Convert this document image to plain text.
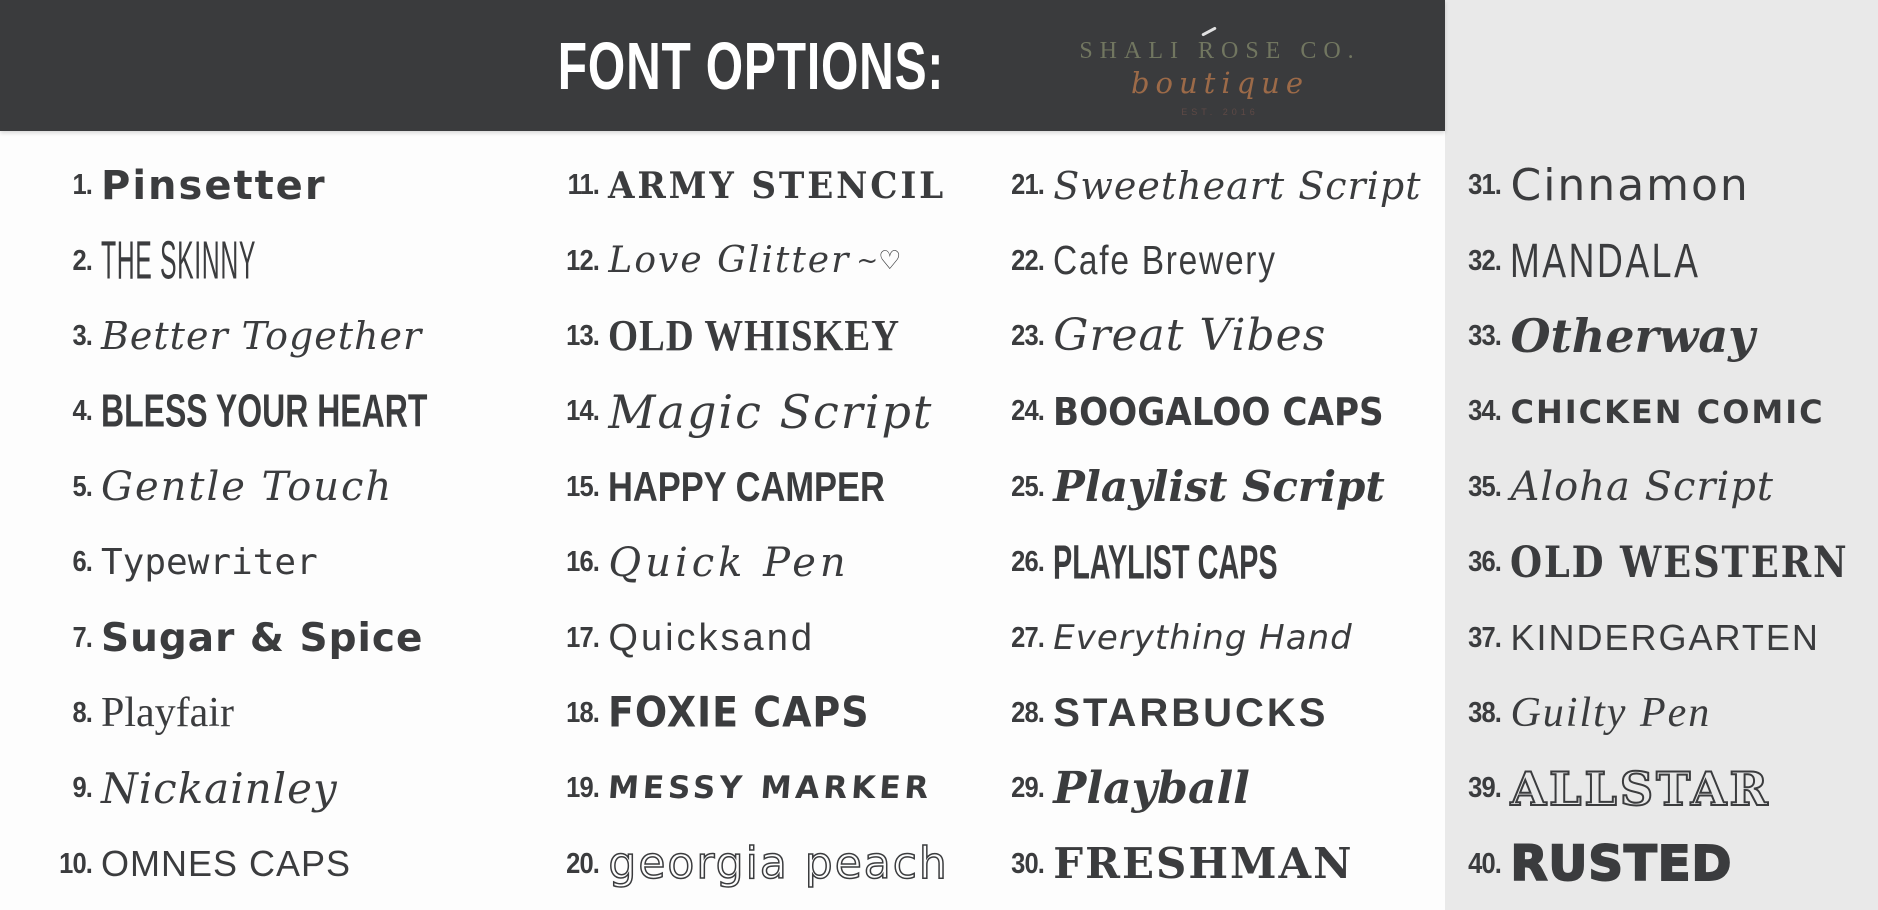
FONT OPTIONS:	SHALI ROSE CO.
boutique
EST. 2016
1. Pinsetter
2. THE SKINNY
3. Better Together
4. BLESS YOUR HEART
5. Gentle Touch
6. Typewriter
7. Sugar & Spice
8. Playfair
9. Nickainley
10. OMNES CAPS
11. ARMY STENCIL
12. Love Glitter ~♡
13. OLD WHISKEY
14. Magic Script
15. HAPPY CAMPER
16. Quick Pen
17. Quicksand
18. FOXIE CAPS
19. MESSY MARKER
20. georgia peach
21. Sweetheart Script
22. Cafe Brewery
23. Great Vibes
24. BOOGALOO CAPS
25. Playlist Script
26. PLAYLIST CAPS
27. Everything Hand
28. STARBUCKS
29. Playball
30. FRESHMAN
31. Cinnamon
32. MANDALA
33. Otherway
34. CHICKEN COMIC
35. Aloha Script
36. OLD WESTERN
37. KINDERGARTEN
38. Guilty Pen
39. ALLSTAR
40. RUSTED
